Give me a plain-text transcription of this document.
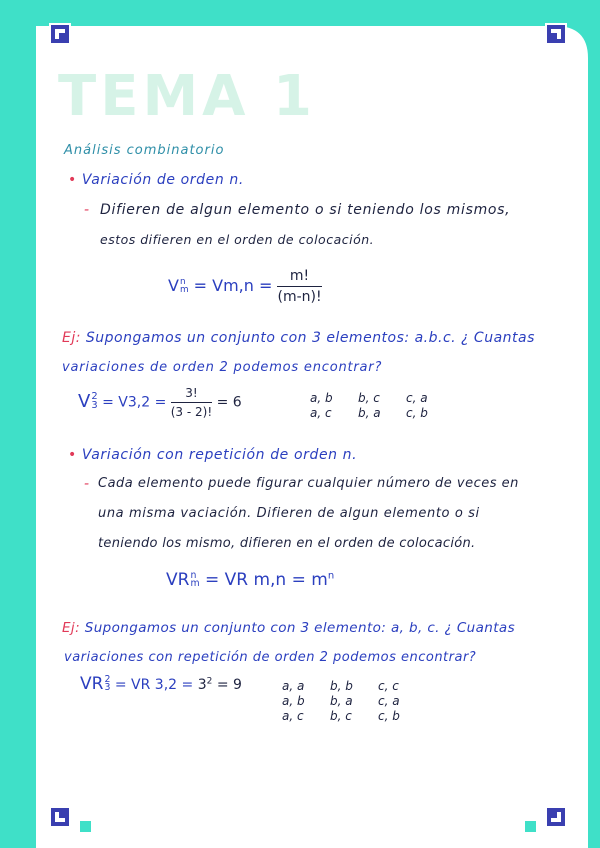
TEMA 1
Análisis combinatorio
• Variación de orden n.
- Difieren de algun elemento o si teniendo los mismos,
estos difieren en el orden de colocación.
V n
$m = Vm,n = \frac{m!}{(m-n)!}$
Ej: Supongamos un conjunto con 3 elementos: a.b.c. ¿ Cuantas
variaciones de orden 2 podemos encontrar?
V 2
$3 = V3,2 = \frac{3!}{(3 - 2)!} = 6$	a, b	b, c	c, a
a, c	b, a	c, b
• Variación con repetición de orden n.
- Cada elemento puede figurar cualquier número de veces en
una misma vaciación. Difieren de algun elemento o si
teniendo los mismo, difieren en el orden de colocación.
VR n
m = VR $m,n = m^n$
Ej: Supongamos un conjunto con 3 elemento: a, b, c. ¿ Cuantas
variaciones con repetición de orden 2 podemos encontrar?
VR 2
3 = VR $3,2 = 3^2 = 9$	a, a	b, b	c, c
a, b	b, a	c, a
a, c	b, c	c, b
